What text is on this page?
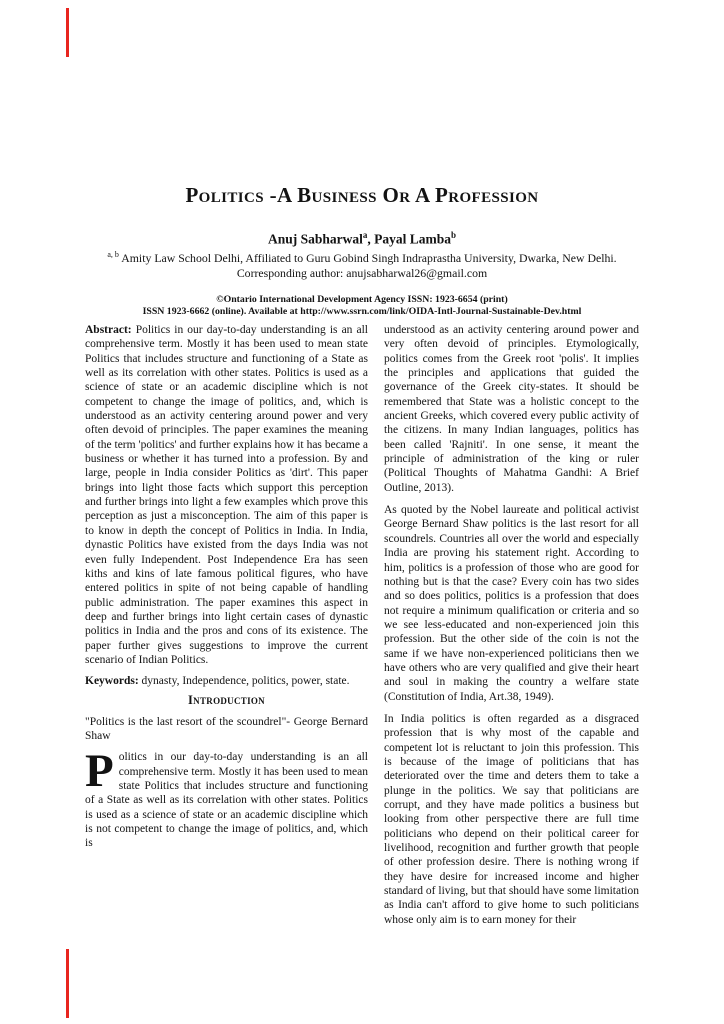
Politics -A Business Or A Profession
Anuj Sabharwal$^a$, Payal Lamba$^b$
$^{a, b}$ Amity Law School Delhi, Affiliated to Guru Gobind Singh Indraprastha University, Dwarka, New Delhi.
Corresponding author: anujsabharwal26@gmail.com
©Ontario International Development Agency ISSN: 1923-6654 (print)
ISSN 1923-6662 (online). Available at http://www.ssrn.com/link/OIDA-Intl-Journal-Sustainable-Dev.html

Abstract: Politics in our day-to-day understanding is an all comprehensive term. Mostly it has been used to mean state Politics that includes structure and functioning of a State as well as its correlation with other states. Politics is used as a science of state or an academic discipline which is not competent to change the image of politics, and, which is understood as an activity centering around power and very often devoid of principles. The paper examines the meaning of the term 'politics' and further explains how it has became a business or whether it has turned into a profession. By and large, people in India consider Politics as 'dirt'. This paper brings into light those facts which support this perception and further brings into light a few examples which prove this perception as just a misconception. The aim of this paper is to know in depth the concept of Politics in India. In India, dynastic Politics have existed from the days India was not even fully Independent. Post Independence Era has seen kiths and kins of late famous political figures, who have entered politics in spite of not being capable of handling public administration. The paper examines this aspect in deep and further brings into light certain cases of dynastic politics in India and the pros and cons of its existence. The paper further gives suggestions to improve the current scenario of Indian Politics.

Keywords: dynasty, Independence, politics, power, state.

Introduction

"Politics is the last resort of the scoundrel"- George Bernard Shaw

Politics in our day-to-day understanding is an all comprehensive term. Mostly it has been used to mean state Politics that includes structure and functioning of a State as well as its correlation with other states. Politics is used as a science of state or an academic discipline which is not competent to change the image of politics, and, which is

understood as an activity centering around power and very often devoid of principles. Etymologically, politics comes from the Greek root 'polis'. It implies the principles and applications that guided the governance of the Greek city-states. It should be remembered that State was a holistic concept to the ancient Greeks, which covered every public activity of the citizens. In many Indian languages, politics has been called 'Rajniti'. In one sense, it meant the principle of administration of the king or ruler (Political Thoughts of Mahatma Gandhi: A Brief Outline, 2013).

As quoted by the Nobel laureate and political activist George Bernard Shaw politics is the last resort for all scoundrels. Countries all over the world and especially India are proving his statement right. According to him, politics is a profession of those who are good for nothing but is that the case? Every coin has two sides and so does politics, politics is a profession that does not require a minimum qualification or criteria and so we see less-educated and non-experienced join this profession. But the other side of the coin is not the same if we have non-experienced politicians then we have others who are very qualified and give their heart and soul in making the country a welfare state (Constitution of India, Art.38, 1949).

In India politics is often regarded as a disgraced profession that is why most of the capable and competent lot is reluctant to join this profession. This is because of the image of politicians that has deteriorated over the time and deters them to take a plunge in the politics. We say that politicians are corrupt, and they have made politics a business but looking from other perspective there are full time politicians who depend on their political career for livelihood, recognition and further growth that people of other profession desire. There is nothing wrong if they have desire for increased income and higher standard of living, but that should have some limitation as India can't afford to give home to such politicians whose only aim is to earn money for their
